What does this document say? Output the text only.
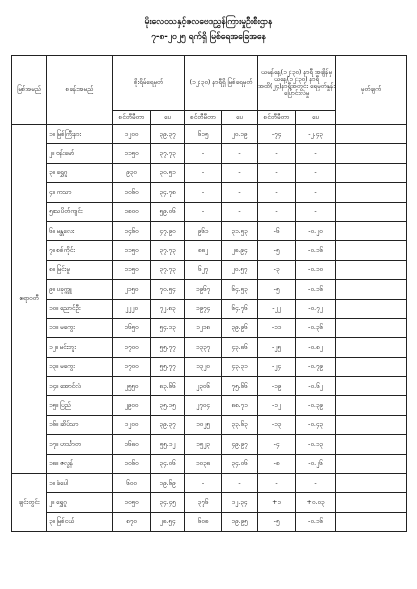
မိုးလေဝသနှင့်ဇလဗေဒညွှန်ကြားမှုဦးစီးဌာန
၇-၈-၂၀၂၅ ရက်ရှိ မြစ်ရေအခြေအနေ
မြစ်အမည်	စခန်းအမည်	စိုးရိမ်ရေမှတ်		(၁၂:၃၀) နာရီရှိ မြစ်ရေမှတ်		ယမန်နေ့(၁၂:၃၀) နာရီ အချိန်မှ ယနေ့(၁၂:၃၀) နာရီအထိ(၂၄)နာရီအတွင်း ရေမှတ်နှုန်း ပြောင်းလဲမှု		မှတ်ချက်
		စင်တီမီတာ	ပေ	စင်တီမီတာ	ပေ	စင်တီမီတာ	ပေ	
ဧရာဝတီ	၁။ မြစ်ကြီးနား	၁၂၀၀	၃၉.၃၇	၆၁၅	၂၀.၁၉	-၇၄	-၂.၄၃	
	၂။ ဗန်းမော်	၁၁၅၀	၃၇.၇၃	-	-	-	-	
	၃။ ရွှေဂူ	၉၃၀	၃၀.၅၁	-	-	-	-	
	၄။ ကသာ	၁၀၆၀	၃၄.၇၈	-	-	-	-	
	၅။သပိတ်ကျင်း	၁၈၀၀	၅၉.၀၆	-	-	-	-	
	၆။ မန္တလေး	၁၄၆၀	၄၇.၉၀	၉၆၁	၃၁.၅၃	-၆	-၀.၂၀	
	၇။ စစ်ကိုင်း	၁၁၅၀	၃၇.၇၃	၈၈၂	၂၈.၉၄	-၅	-၀.၁၆	
	၈။ မြင်းမူ	၁၁၅၀	၃၇.၇၃	၆၂၇	၂၀.၅၇	-၃	-၀.၁၀	
	၉။ ပခုက္ကူ	၂၁၅၀	၇၀.၅၄	၁၉၆၇	၆၄.၅၃	-၅	-၀.၁၆	
	၁၀။ ညောင်ဦး	၂၂၂၀	၇၂.၈၃	၁၉၇၄	၆၄.၇၆	-၂၂	-၀.၇၂	
	၁၁။ မကွေး	၁၆၅၀	၅၄.၁၃	၁၂၁၈	၃၉.၉၆	-၁၁	-၀.၃၆	
	၁၂။ မင်းဘူး	၁၇၀၀	၅၅.၇၇	၁၃၃၇	၄၃.၈၆	-၂၅	-၀.၈၂	
	၁၃။ မကွေး	၁၇၀၀	၅၅.၇၇	၁၃၂၀	၄၃.၃၁	-၂၄	-၀.၇၉	
	၁၄။ အောင်လံ	၂၅၅၀	၈၃.၆၆	၂၃၀၆	၇၅.၆၆	-၁၉	-၀.၆၂	
	၁၅။ ပြည်	၂၉၀၀	၃၅.၁၅	၂၇၀၄	၈၈.၇၁	-၁၂	-၀.၃၉	
	၁၆။ ဆိပ်သာ	၁၂၀၀	၃၉.၃၇	၁၀၂၅	၃၃.၆၃	-၁၃	-၀.၄၃	
	၁၇။ ဟင်္သာတ	၁၆၈၀	၅၅.၁၂	၁၅၂၃	၄၉.၉၇	-၄	-၀.၁၃	
	၁၈။ ဇလွန်	၁၀၆၀	၃၄.၀၆	၁၀၃၈	၃၄.၀၆	-၈	-၀.၂၆	
ချင်းတွင်း	၁။ ခံပေါ	၆၀၀	၁၉.၆၉	-	-	-	-	
	၂။ ရွှေဂူ	၁၀၅၀	၃၄.၄၅	၃၇၆	၁၂.၃၄	+၁	+၀.၀၃	
	၃။ မြစ်ငယ်	၈၇၀	၂၈.၅၄	၆၀၈	၁၉.၉၅	-၅	-၀.၁၆	
